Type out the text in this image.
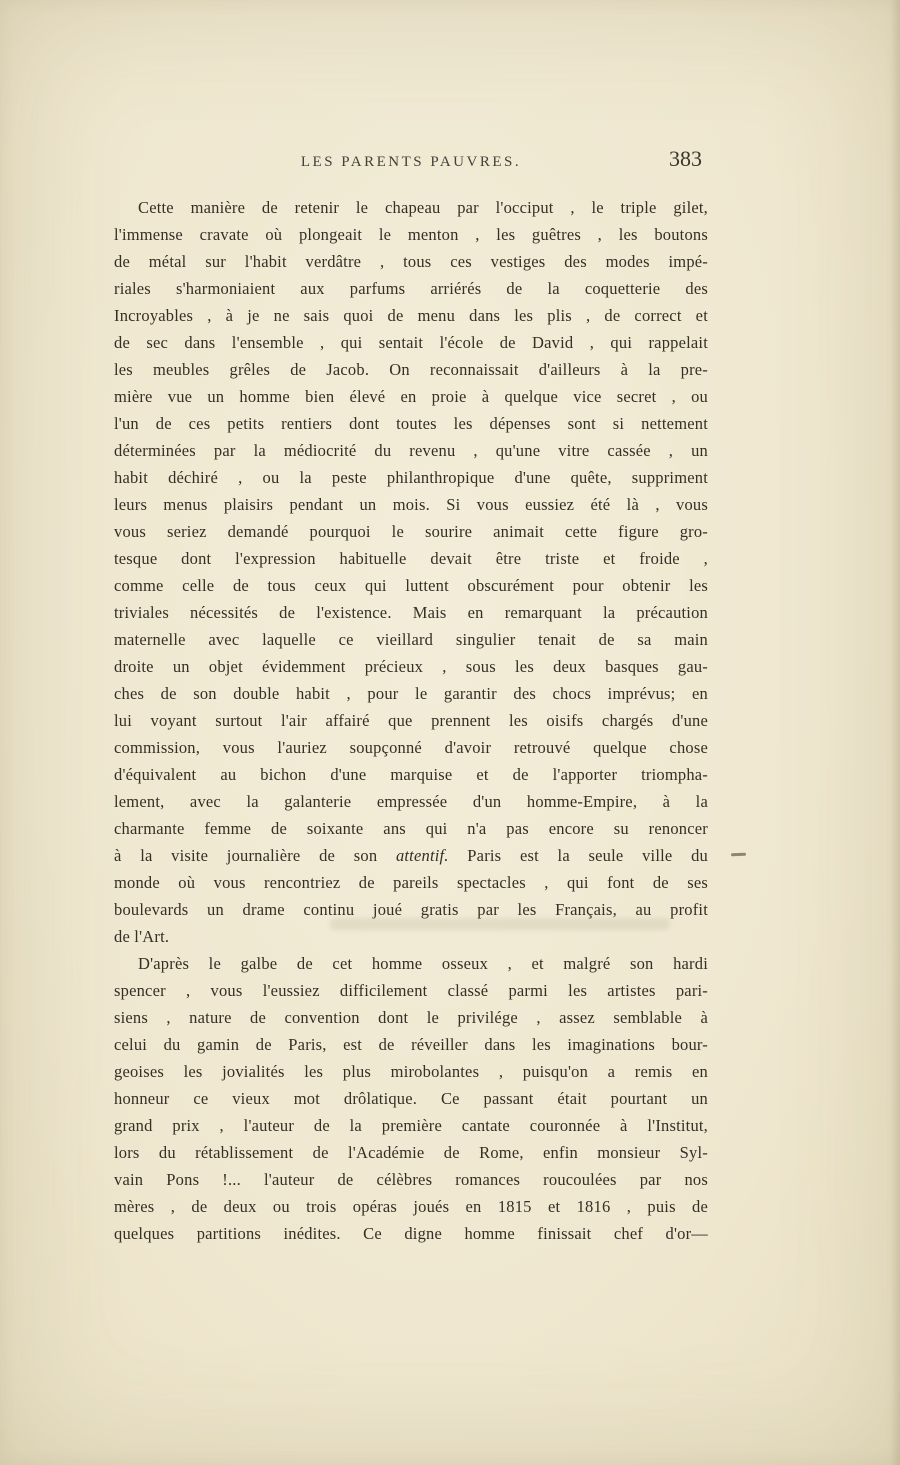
LES PARENTS PAUVRES.	383
Cette manière de retenir le chapeau par l'occiput , le triple gilet,
l'immense cravate où plongeait le menton , les guêtres , les boutons
de métal sur l'habit verdâtre , tous ces vestiges des modes impé-
riales s'harmoniaient aux parfums arriérés de la coquetterie des
Incroyables , à je ne sais quoi de menu dans les plis , de correct et
de sec dans l'ensemble , qui sentait l'école de David , qui rappelait
les meubles grêles de Jacob. On reconnaissait d'ailleurs à la pre-
mière vue un homme bien élevé en proie à quelque vice secret , ou
l'un de ces petits rentiers dont toutes les dépenses sont si nettement
déterminées par la médiocrité du revenu , qu'une vitre cassée , un
habit déchiré , ou la peste philanthropique d'une quête, suppriment
leurs menus plaisirs pendant un mois. Si vous eussiez été là , vous
vous seriez demandé pourquoi le sourire animait cette figure gro-
tesque dont l'expression habituelle devait être triste et froide ,
comme celle de tous ceux qui luttent obscurément pour obtenir les
triviales nécessités de l'existence. Mais en remarquant la précaution
maternelle avec laquelle ce vieillard singulier tenait de sa main
droite un objet évidemment précieux , sous les deux basques gau-
ches de son double habit , pour le garantir des chocs imprévus; en
lui voyant surtout l'air affairé que prennent les oisifs chargés d'une
commission, vous l'auriez soupçonné d'avoir retrouvé quelque chose
d'équivalent au bichon d'une marquise et de l'apporter triompha-
lement, avec la galanterie empressée d'un homme-Empire, à la
charmante femme de soixante ans qui n'a pas encore su renoncer
à la visite journalière de son attentif. Paris est la seule ville du
monde où vous rencontriez de pareils spectacles , qui font de ses
boulevards un drame continu joué gratis par les Français, au profit
de l'Art.
D'après le galbe de cet homme osseux , et malgré son hardi
spencer , vous l'eussiez difficilement classé parmi les artistes pari-
siens , nature de convention dont le privilége , assez semblable à
celui du gamin de Paris, est de réveiller dans les imaginations bour-
geoises les jovialités les plus mirobolantes , puisqu'on a remis en
honneur ce vieux mot drôlatique. Ce passant était pourtant un
grand prix , l'auteur de la première cantate couronnée à l'Institut,
lors du rétablissement de l'Académie de Rome, enfin monsieur Syl-
vain Pons !... l'auteur de célèbres romances roucoulées par nos
mères , de deux ou trois opéras joués en 1815 et 1816 , puis de
quelques partitions inédites. Ce digne homme finissait chef d'or—
